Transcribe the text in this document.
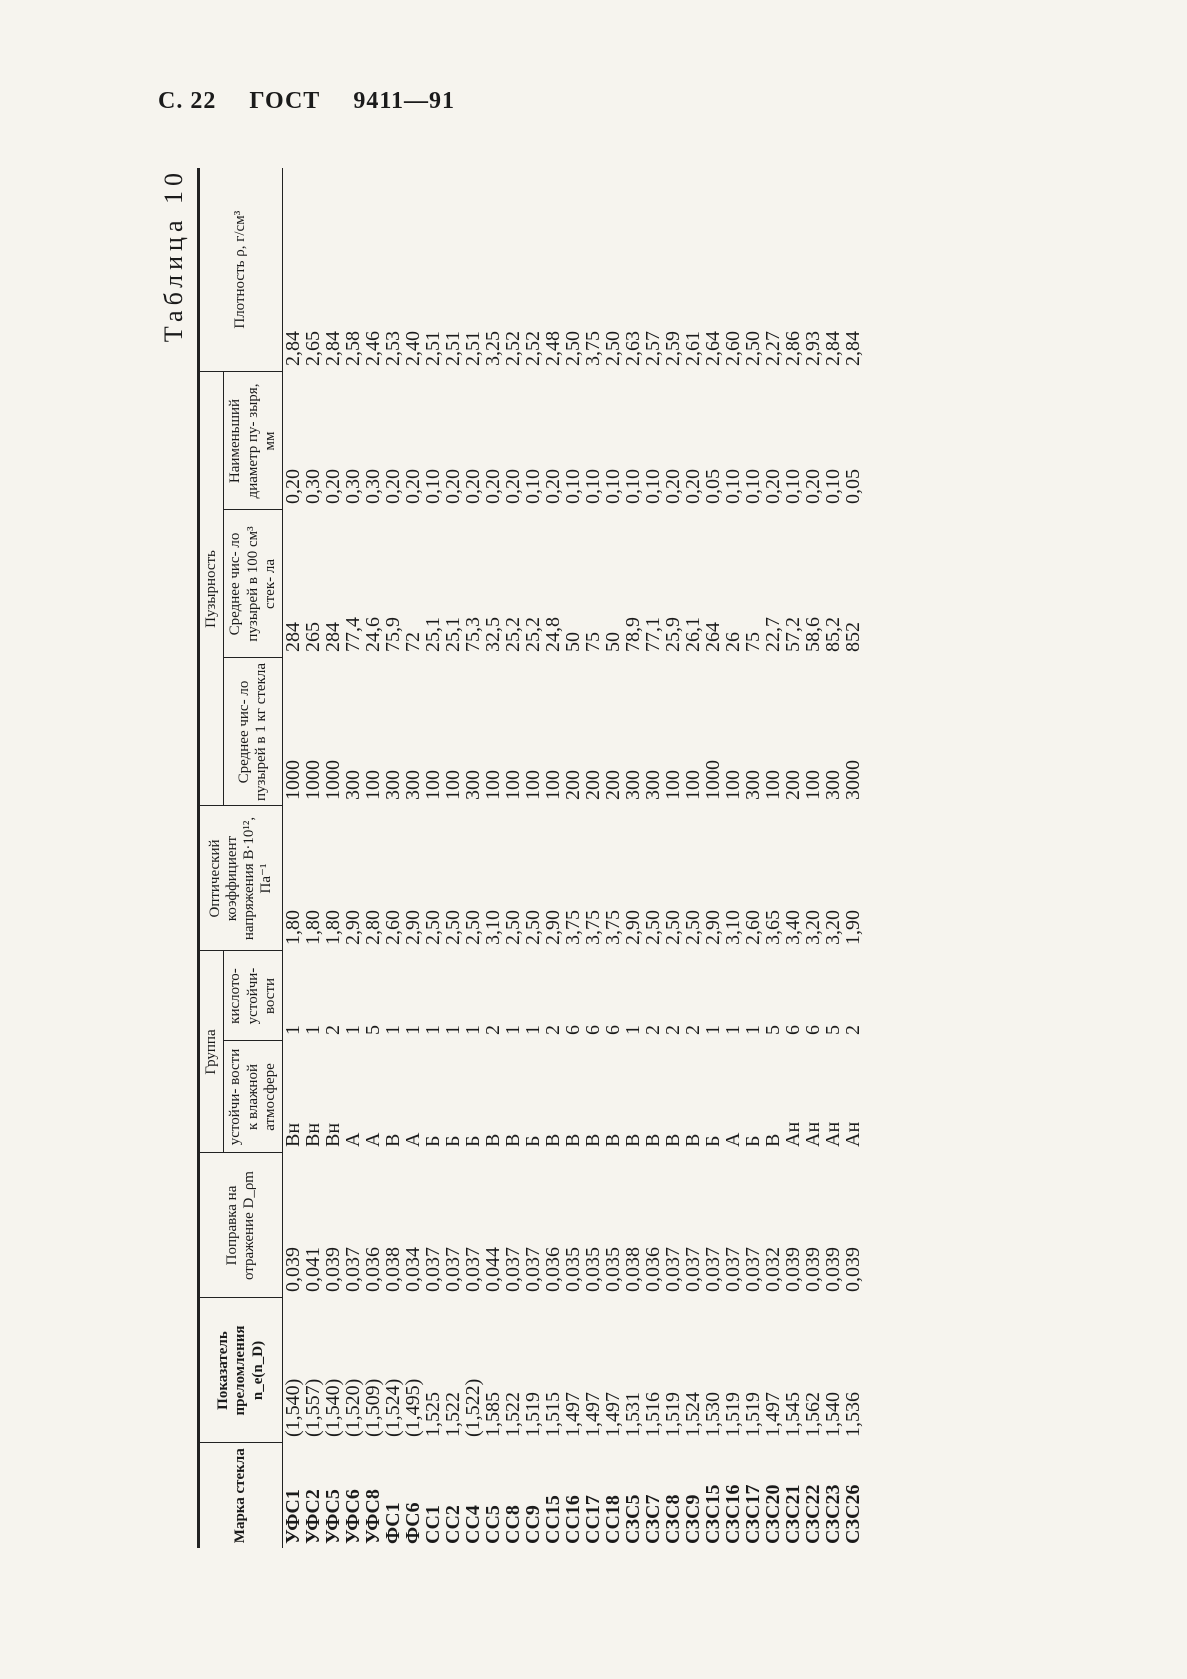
С. 22 ГОСТ 9411—91
Таблица 10
Марка стекла	Показатель преломления n_e(n_D)	Поправка на отражение D_ρm	Группа		Оптический коэффициент напряжения B·10¹², Па⁻¹	Пузырность			Плотность ρ, г/см³
			устойчи- вости к влажной атмосфере	кислото- устойчи- вости		Среднее чис- ло пузырей в 1 кг стекла	Среднее чис- ло пузырей в 100 см³ стек- ла	Наименьший диаметр пу- зыря, мм	
УФС1	(1,540)	0,039	Вн	1	1,80	1000	284	0,20	2,84
УФС2	(1,557)	0,041	Вн	1	1,80	1000	265	0,30	2,65
УФС5	(1,540)	0,039	Вн	2	1,80	1000	284	0,20	2,84
УФС6	(1,520)	0,037	А	1	2,90	300	77,4	0,30	2,58
УФС8	(1,509)	0,036	А	5	2,80	100	24,6	0,30	2,46
ФС1	(1,524)	0,038	В	1	2,60	300	75,9	0,20	2,53
ФС6	(1,495)	0,034	А	1	2,90	300	72	0,20	2,40
СС1	1,525	0,037	Б	1	2,50	100	25,1	0,10	2,51
СС2	1,522	0,037	Б	1	2,50	100	25,1	0,20	2,51
СС4	(1,522)	0,037	Б	1	2,50	300	75,3	0,20	2,51
СС5	1,585	0,044	В	2	3,10	100	32,5	0,20	3,25
СС8	1,522	0,037	В	1	2,50	100	25,2	0,20	2,52
СС9	1,519	0,037	Б	1	2,50	100	25,2	0,10	2,52
СС15	1,515	0,036	В	2	2,90	100	24,8	0,20	2,48
СС16	1,497	0,035	В	6	3,75	200	50	0,10	2,50
СС17	1,497	0,035	В	6	3,75	200	75	0,10	3,75
СС18	1,497	0,035	В	6	3,75	200	50	0,10	2,50
СЗС5	1,531	0,038	В	1	2,90	300	78,9	0,10	2,63
СЗС7	1,516	0,036	В	2	2,50	300	77,1	0,10	2,57
СЗС8	1,519	0,037	В	2	2,50	100	25,9	0,20	2,59
СЗС9	1,524	0,037	В	2	2,50	100	26,1	0,20	2,61
СЗС15	1,530	0,037	Б	1	2,90	1000	264	0,05	2,64
СЗС16	1,519	0,037	А	1	3,10	100	26	0,10	2,60
СЗС17	1,519	0,037	Б	1	2,60	300	75	0,10	2,50
СЗС20	1,497	0,032	В	5	3,65	100	22,7	0,20	2,27
СЗС21	1,545	0,039	Ан	6	3,40	200	57,2	0,10	2,86
СЗС22	1,562	0,039	Ан	6	3,20	100	58,6	0,20	2,93
СЗС23	1,540	0,039	Ан	5	3,20	300	85,2	0,10	2,84
СЗС26	1,536	0,039	Ан	2	1,90	3000	852	0,05	2,84
